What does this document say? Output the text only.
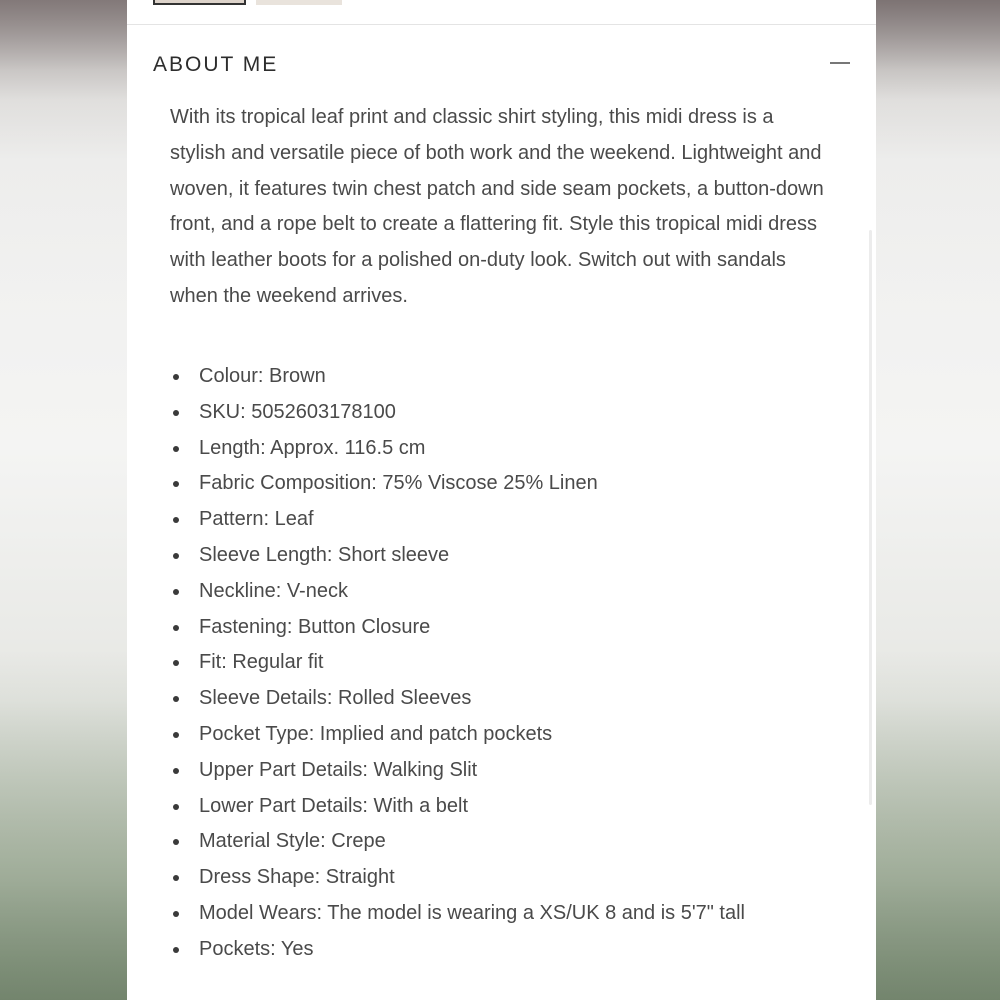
ABOUT ME

With its tropical leaf print and classic shirt styling, this midi dress is a stylish and versatile piece of both work and the weekend. Lightweight and woven, it features twin chest patch and side seam pockets, a button-down front, and a rope belt to create a flattering fit. Style this tropical midi dress with leather boots for a polished on-duty look. Switch out with sandals when the weekend arrives.

Colour: Brown
SKU: 5052603178100
Length: Approx. 116.5 cm
Fabric Composition: 75% Viscose 25% Linen
Pattern: Leaf
Sleeve Length: Short sleeve
Neckline: V-neck
Fastening: Button Closure
Fit: Regular fit
Sleeve Details: Rolled Sleeves
Pocket Type: Implied and patch pockets
Upper Part Details: Walking Slit
Lower Part Details: With a belt
Material Style: Crepe
Dress Shape: Straight
Model Wears: The model is wearing a XS/UK 8 and is 5'7" tall
Pockets: Yes
